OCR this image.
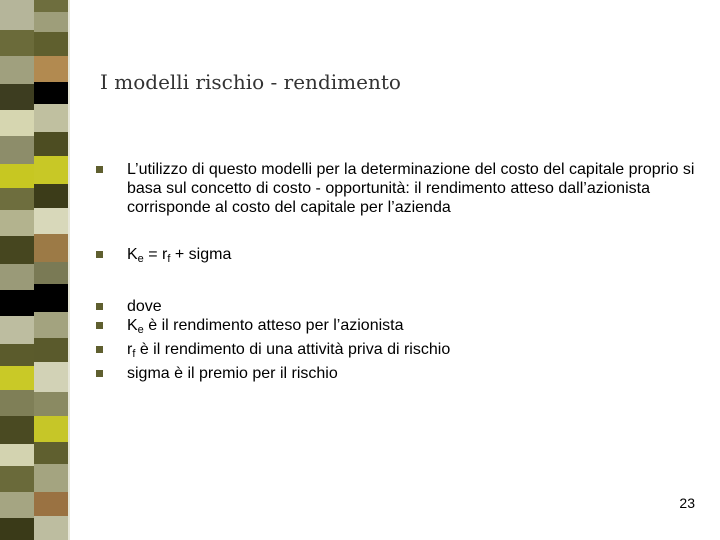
I modelli rischio - rendimento
L’utilizzo di questo modelli per la determinazione del costo del capitale proprio si basa sul concetto di costo - opportunità: il rendimento atteso dall’azionista corrisponde al costo del capitale per l’azienda
$K_e = r_f$ + sigma
dove
$K_e$ è il rendimento atteso per l’azionista
$r_f$ è il rendimento di una attività priva di rischio
sigma è il premio per il rischio
23
